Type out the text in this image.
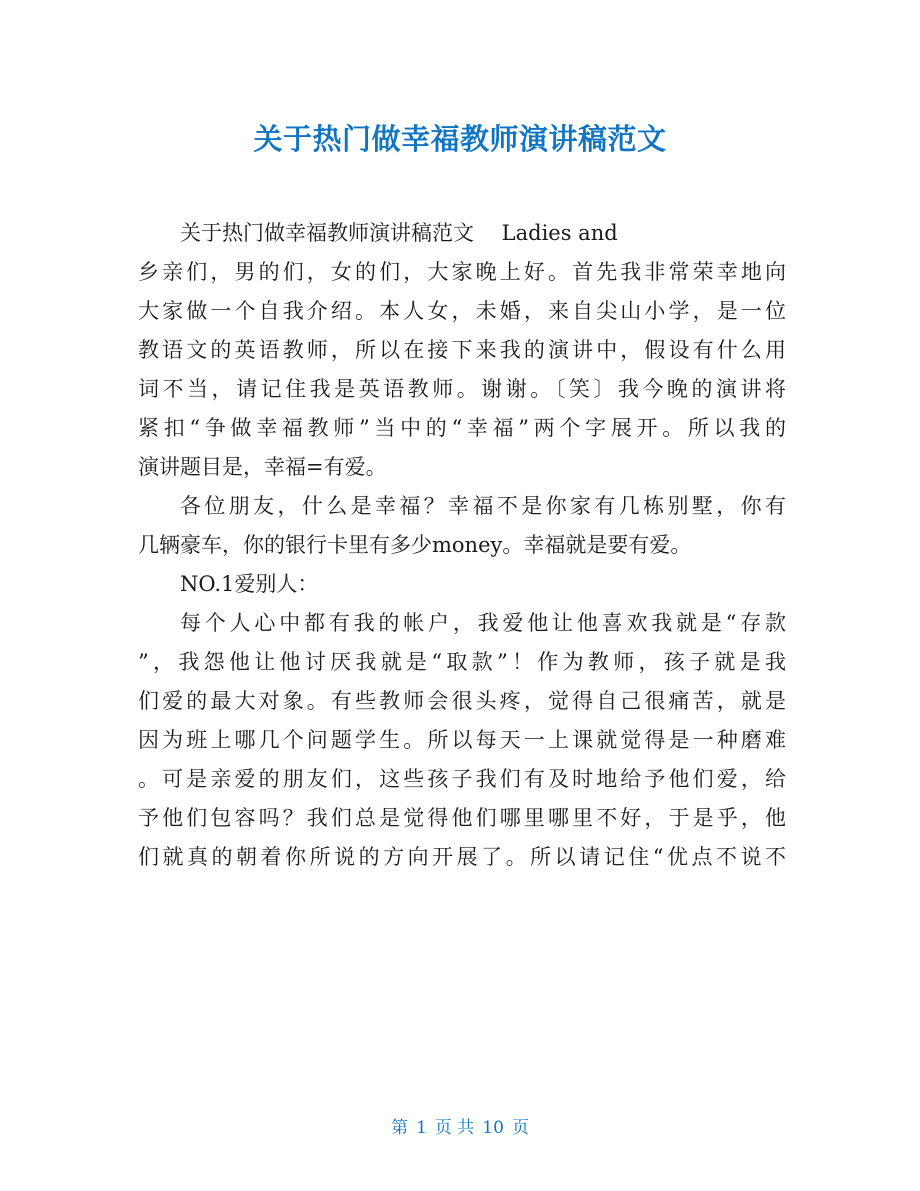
关于热门做幸福教师演讲稿范文
关于热门做幸福教师演讲稿范文　 Ladies and
乡亲们，男的们，女的们，大家晚上好。首先我非常荣幸地向
大家做一个自我介绍。本人女，未婚，来自尖山小学，是一位
教语文的英语教师，所以在接下来我的演讲中，假设有什么用
词不当，请记住我是英语教师。谢谢。〔笑〕我今晚的演讲将
紧扣“争做幸福教师”当中的“幸福”两个字展开。所以我的
演讲题目是，幸福=有爱。
各位朋友，什么是幸福？幸福不是你家有几栋别墅，你有
几辆豪车，你的银行卡里有多少money。幸福就是要有爱。
NO.1爱别人：
每个人心中都有我的帐户，我爱他让他喜欢我就是“存款
”，我怨他让他讨厌我就是“取款”！作为教师，孩子就是我
们爱的最大对象。有些教师会很头疼，觉得自己很痛苦，就是
因为班上哪几个问题学生。所以每天一上课就觉得是一种磨难
。可是亲爱的朋友们，这些孩子我们有及时地给予他们爱，给
予他们包容吗？我们总是觉得他们哪里哪里不好，于是乎，他
们就真的朝着你所说的方向开展了。所以请记住“优点不说不
第 1 页 共 10 页
